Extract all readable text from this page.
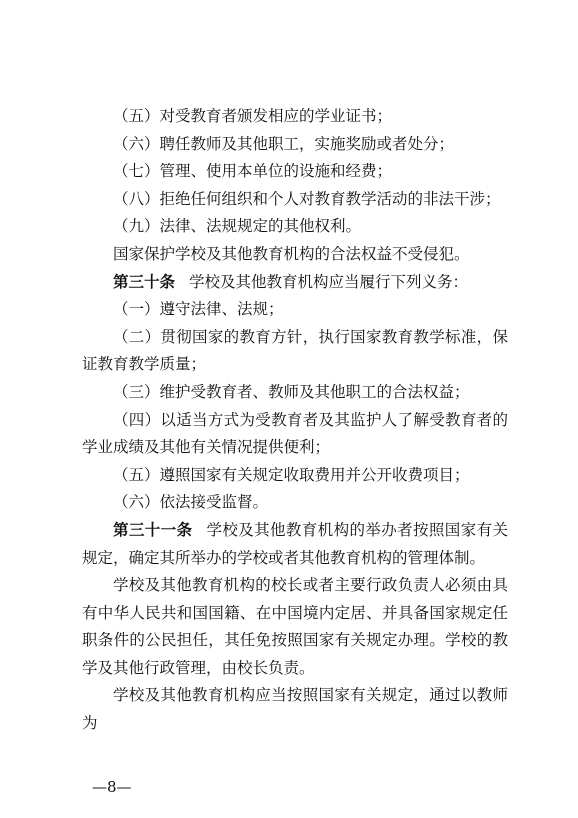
（五）对受教育者颁发相应的学业证书；

（六）聘任教师及其他职工，实施奖励或者处分；

（七）管理、使用本单位的设施和经费；

（八）拒绝任何组织和个人对教育教学活动的非法干涉；

（九）法律、法规规定的其他权利。

国家保护学校及其他教育机构的合法权益不受侵犯。

第三十条 学校及其他教育机构应当履行下列义务：

（一）遵守法律、法规；

（二）贯彻国家的教育方针，执行国家教育教学标准，保证教育教学质量；

（三）维护受教育者、教师及其他职工的合法权益；

（四）以适当方式为受教育者及其监护人了解受教育者的学业成绩及其他有关情况提供便利；

（五）遵照国家有关规定收取费用并公开收费项目；

（六）依法接受监督。

第三十一条 学校及其他教育机构的举办者按照国家有关规定，确定其所举办的学校或者其他教育机构的管理体制。

学校及其他教育机构的校长或者主要行政负责人必须由具有中华人民共和国国籍、在中国境内定居、并具备国家规定任职条件的公民担任，其任免按照国家有关规定办理。学校的教学及其他行政管理，由校长负责。

学校及其他教育机构应当按照国家有关规定，通过以教师为

—8—
